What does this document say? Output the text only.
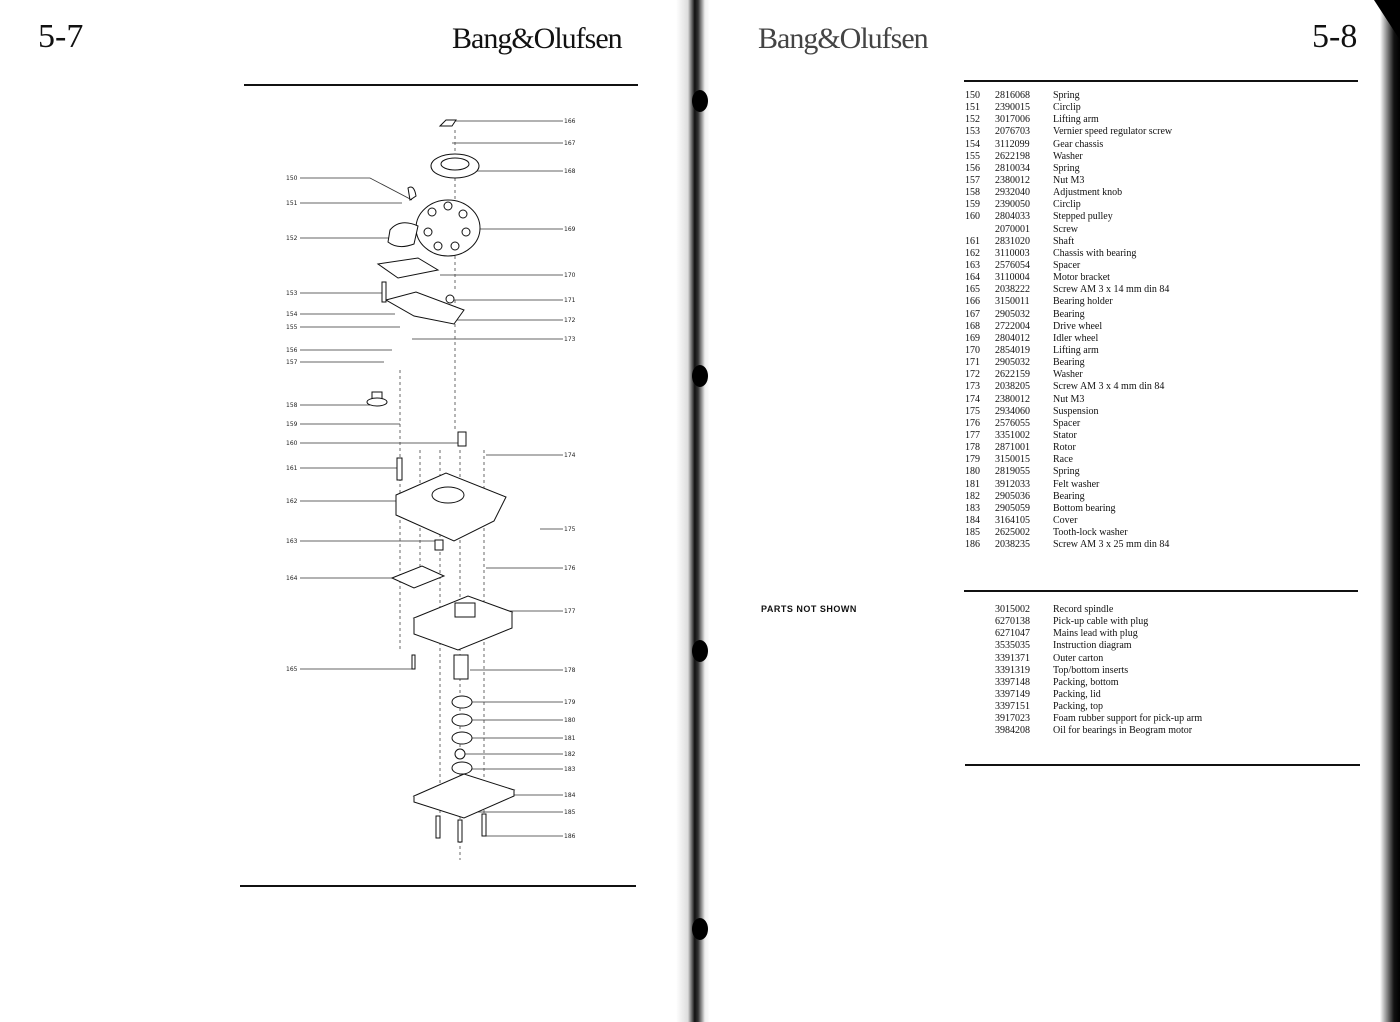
5-7	Bang&Olufsen
150
151
152
153
154
155
156
157
158
159
160
161
162
163
164
165
166
167
168
169
170
171
172
173
174
175
176
177
178
179
180
181
182
183
184
185
186
Bang&Olufsen	5-8
150	2816068	Spring
151	2390015	Circlip
152	3017006	Lifting arm
153	2076703	Vernier speed regulator screw
154	3112099	Gear chassis
155	2622198	Washer
156	2810034	Spring
157	2380012	Nut M3
158	2932040	Adjustment knob
159	2390050	Circlip
160	2804033	Stepped pulley
2070001	Screw
161	2831020	Shaft
162	3110003	Chassis with bearing
163	2576054	Spacer
164	3110004	Motor bracket
165	2038222	Screw AM 3 x 14 mm din 84
166	3150011	Bearing holder
167	2905032	Bearing
168	2722004	Drive wheel
169	2804012	Idler wheel
170	2854019	Lifting arm
171	2905032	Bearing
172	2622159	Washer
173	2038205	Screw AM 3 x 4 mm din 84
174	2380012	Nut M3
175	2934060	Suspension
176	2576055	Spacer
177	3351002	Stator
178	2871001	Rotor
179	3150015	Race
180	2819055	Spring
181	3912033	Felt washer
182	2905036	Bearing
183	2905059	Bottom bearing
184	3164105	Cover
185	2625002	Tooth-lock washer
186	2038235	Screw AM 3 x 25 mm din 84
PARTS NOT SHOWN	3015002	Record spindle
6270138	Pick-up cable with plug
6271047	Mains lead with plug
3535035	Instruction diagram
3391371	Outer carton
3391319	Top/bottom inserts
3397148	Packing, bottom
3397149	Packing, lid
3397151	Packing, top
3917023	Foam rubber support for pick-up arm
3984208	Oil for bearings in Beogram motor
